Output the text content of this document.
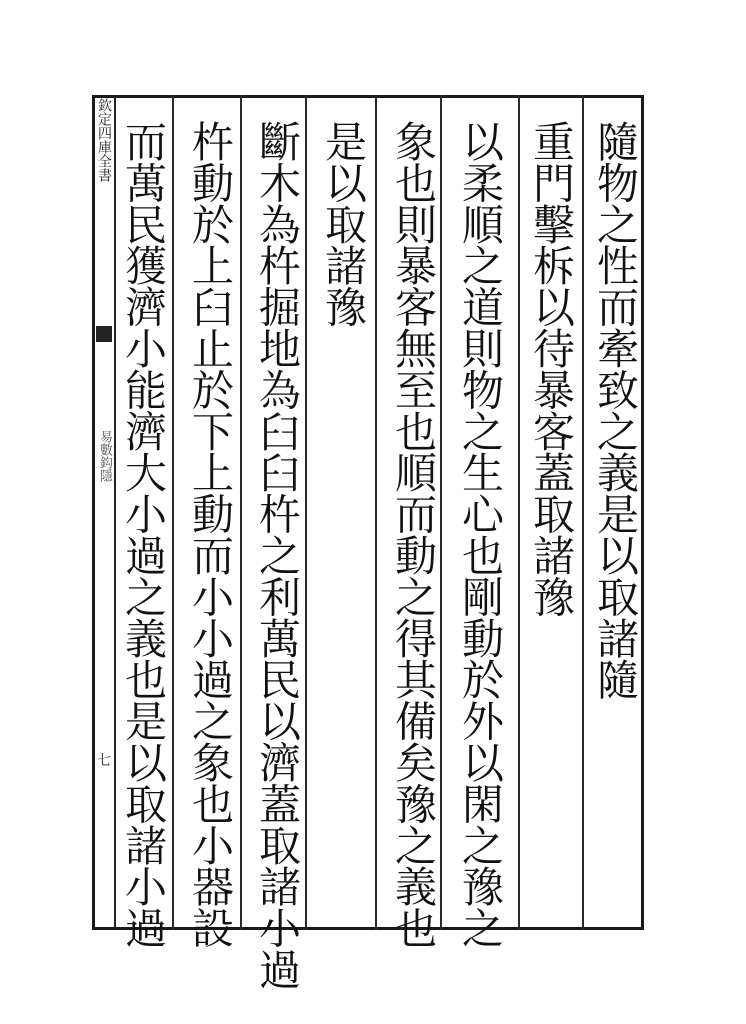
欽定四庫全書
易數鈎隱
七
隨物之性而牽致之義是以取諸隨
重門擊柝以待暴客蓋取諸豫
以柔順之道則物之生心也剛動於外以閑之豫之
象也則暴客無至也順而動之得其備矣豫之義也
是以取諸豫
斷木為杵掘地為臼臼杵之利萬民以濟蓋取諸小過
杵動於上臼止於下上動而小小過之象也小器設
而萬民獲濟小能濟大小過之義也是以取諸小過
